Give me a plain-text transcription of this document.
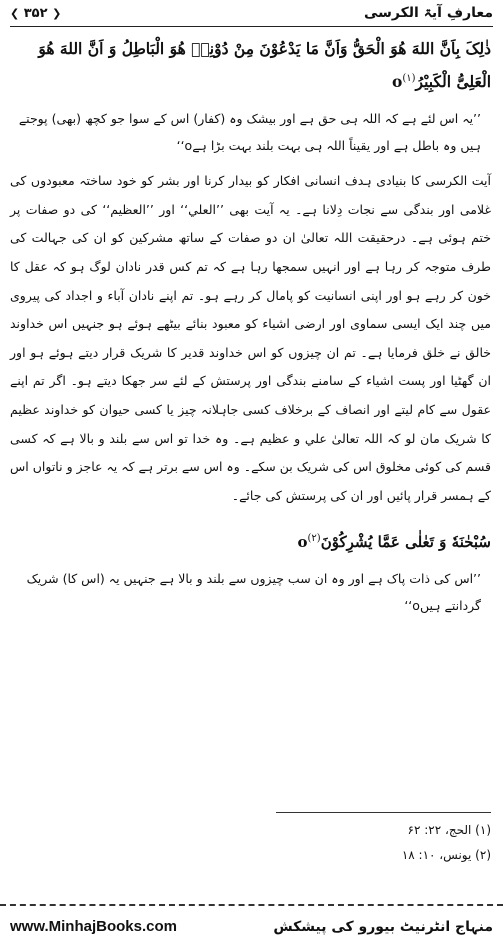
معارفِ آیۃ الکرسی
❮ ۳۵۲ ❯

ذٰلِکَ بِاَنَّ اللهَ هُوَ الْحَقُّ وَاَنَّ مَا یَدْعُوْنَ مِنْ دُوْنِهٖ هُوَ الْبَاطِلُ وَ اَنَّ اللهَ هُوَ الْعَلِیُّ $الْکَبِیْرُo^{(۱)}$

’’یہ اس لئے ہے کہ اللہ ہی حق ہے اور بیشک وہ (کفار) اس کے سوا جو کچھ (بھی) پوجتے ہیں وہ باطل ہے اور یقیناً اللہ ہی بہت بلند بہت بڑا ہےo‘‘

آیت الکرسی کا بنیادی ہدف انسانی افکار کو بیدار کرنا اور بشر کو خود ساختہ معبودوں کی غلامی اور بندگی سے نجات دِلانا ہے۔ یہ آیت بھی ’’العلي‘‘ اور ’’العظیم‘‘ کی دو صفات پر ختم ہوئی ہے۔ درحقیقت اللہ تعالیٰ ان دو صفات کے ساتھ مشرکین کو ان کی جہالت کی طرف متوجہ کر رہا ہے اور انہیں سمجھا رہا ہے کہ تم کس قدر نادان لوگ ہو کہ عقل کا خون کر رہے ہو اور اپنی انسانیت کو پامال کر رہے ہو۔ تم اپنے نادان آباء و اجداد کی پیروی میں چند ایک ایسی سماوی اور ارضی اشیاء کو معبود بنائے بیٹھے ہوئے ہو جنہیں اس خداوند خالق نے خلق فرمایا ہے۔ تم ان چیزوں کو اس خداوند قدیر کا شریک قرار دیتے ہوئے ہو اور ان گھٹیا اور پست اشیاء کے سامنے بندگی اور پرستش کے لئے سر جھکا دیتے ہو۔ اگر تم اپنے عقول سے کام لیتے اور انصاف کے برخلاف کسی جاہلانہ چیز یا کسی حیوان کو خداوند عظیم کا شریک مان لو کہ اللہ تعالیٰ علي و عظیم ہے۔ وہ خدا تو اس سے بلند و بالا ہے کہ کسی قسم کی کوئی مخلوق اس کی شریک بن سکے۔ وہ اس سے برتر ہے کہ یہ عاجز و ناتواں اس کے ہمسر قرار پائیں اور ان کی پرستش کی جائے۔

سُبْحٰنَهٗ وَ تَعٰلٰی عَمَّا $یُشْرِکُوْنَo^{(۲)}$

’’اس کی ذات پاک ہے اور وہ ان سب چیزوں سے بلند و بالا ہے جنہیں یہ (اس کا) شریک گردانتے ہیںo‘‘

(۱) الحج، ۲۲: ۶۲
(۲) یونس، ۱۰: ۱۸
www.MinhajBooks.com	منہاج انٹرنیٹ بیورو کی پیشکش
